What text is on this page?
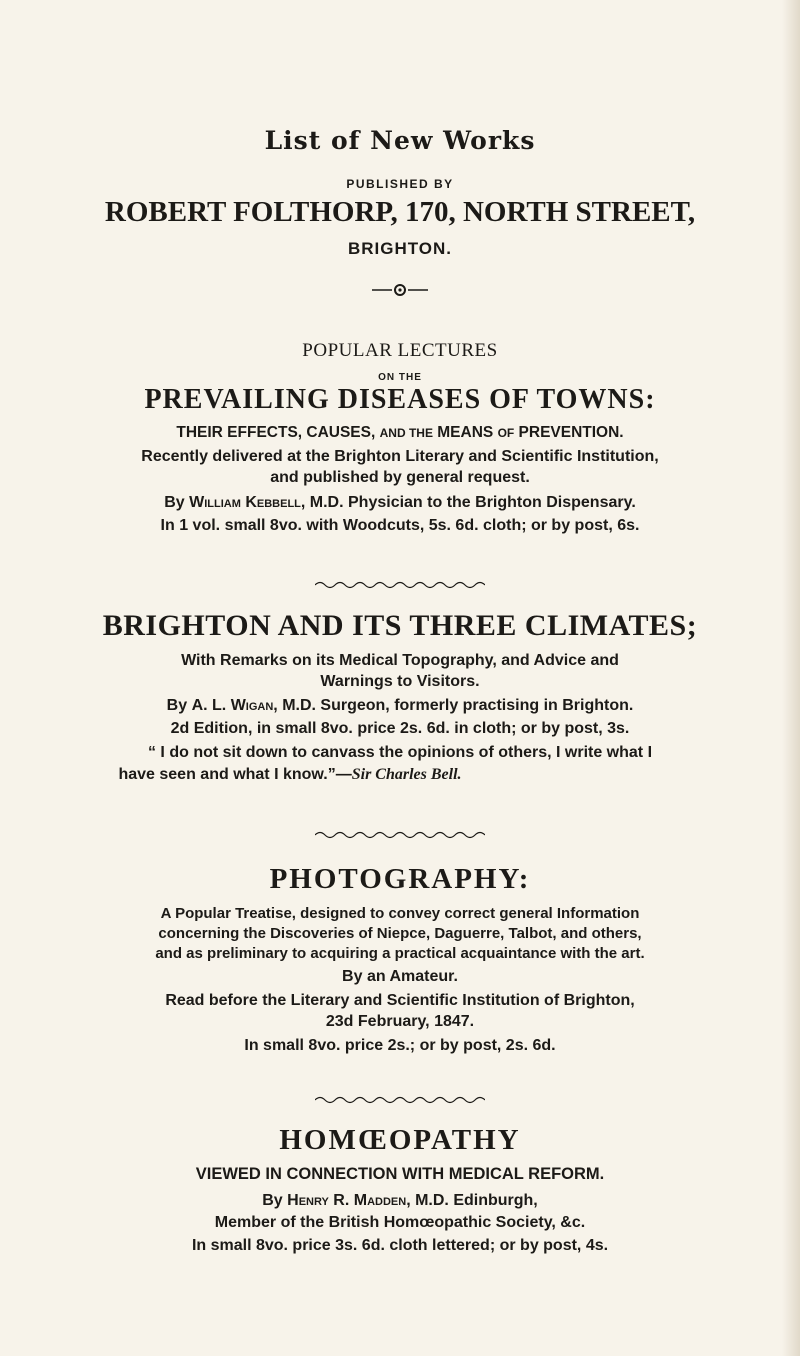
List of New Works

PUBLISHED BY

ROBERT FOLTHORP, 170, NORTH STREET,

BRIGHTON.

POPULAR LECTURES

ON THE

PREVAILING DISEASES OF TOWNS:

THEIR EFFECTS, CAUSES, AND THE MEANS OF PREVENTION.

Recently delivered at the Brighton Literary and Scientific Institution,

and published by general request.

By William Kebbell, M.D. Physician to the Brighton Dispensary.

In 1 vol. small 8vo. with Woodcuts, 5s. 6d. cloth; or by post, 6s.

BRIGHTON AND ITS THREE CLIMATES;

With Remarks on its Medical Topography, and Advice and

Warnings to Visitors.

By A. L. Wigan, M.D. Surgeon, formerly practising in Brighton.

2d Edition, in small 8vo. price 2s. 6d. in cloth; or by post, 3s.

“ I do not sit down to canvass the opinions of others, I write what I

have seen and what I know.”—Sir Charles Bell.

PHOTOGRAPHY:

A Popular Treatise, designed to convey correct general Information

concerning the Discoveries of Niepce, Daguerre, Talbot, and others,

and as preliminary to acquiring a practical acquaintance with the art.

By an Amateur.

Read before the Literary and Scientific Institution of Brighton,

23d February, 1847.

In small 8vo. price 2s.; or by post, 2s. 6d.

HOMŒOPATHY

VIEWED IN CONNECTION WITH MEDICAL REFORM.

By Henry R. Madden, M.D. Edinburgh,

Member of the British Homœopathic Society, &c.

In small 8vo. price 3s. 6d. cloth lettered; or by post, 4s.
